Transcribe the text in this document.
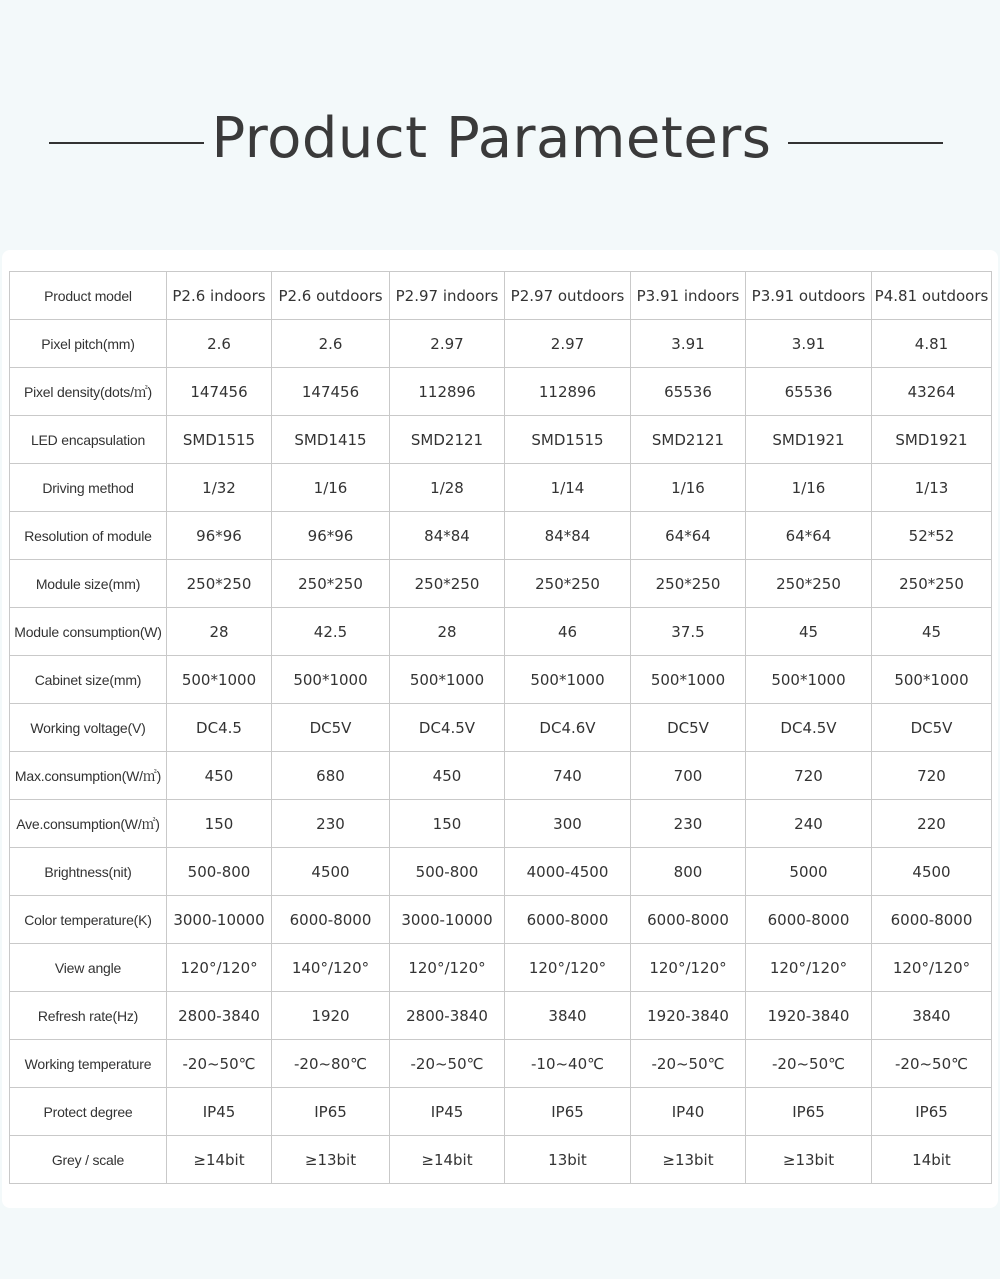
Product Parameters
Product model	P2.6 indoors	P2.6 outdoors	P2.97 indoors	P2.97 outdoors	P3.91 indoors	P3.91 outdoors	P4.81 outdoors
Pixel pitch(mm)	2.6	2.6	2.97	2.97	3.91	3.91	4.81
Pixel density(dots/㎡)	147456	147456	112896	112896	65536	65536	43264
LED encapsulation	SMD1515	SMD1415	SMD2121	SMD1515	SMD2121	SMD1921	SMD1921
Driving method	1/32	1/16	1/28	1/14	1/16	1/16	1/13
Resolution of module	96*96	96*96	84*84	84*84	64*64	64*64	52*52
Module size(mm)	250*250	250*250	250*250	250*250	250*250	250*250	250*250
Module consumption(W)	28	42.5	28	46	37.5	45	45
Cabinet size(mm)	500*1000	500*1000	500*1000	500*1000	500*1000	500*1000	500*1000
Working voltage(V)	DC4.5	DC5V	DC4.5V	DC4.6V	DC5V	DC4.5V	DC5V
Max.consumption(W/㎡)	450	680	450	740	700	720	720
Ave.consumption(W/㎡)	150	230	150	300	230	240	220
Brightness(nit)	500-800	4500	500-800	4000-4500	800	5000	4500
Color temperature(K)	3000-10000	6000-8000	3000-10000	6000-8000	6000-8000	6000-8000	6000-8000
View angle	120°/120°	140°/120°	120°/120°	120°/120°	120°/120°	120°/120°	120°/120°
Refresh rate(Hz)	2800-3840	1920	2800-3840	3840	1920-3840	1920-3840	3840
Working temperature	-20~50℃	-20~80℃	-20~50℃	-10~40℃	-20~50℃	-20~50℃	-20~50℃
Protect degree	IP45	IP65	IP45	IP65	IP40	IP65	IP65
Grey / scale	≥14bit	≥13bit	≥14bit	13bit	≥13bit	≥13bit	14bit
